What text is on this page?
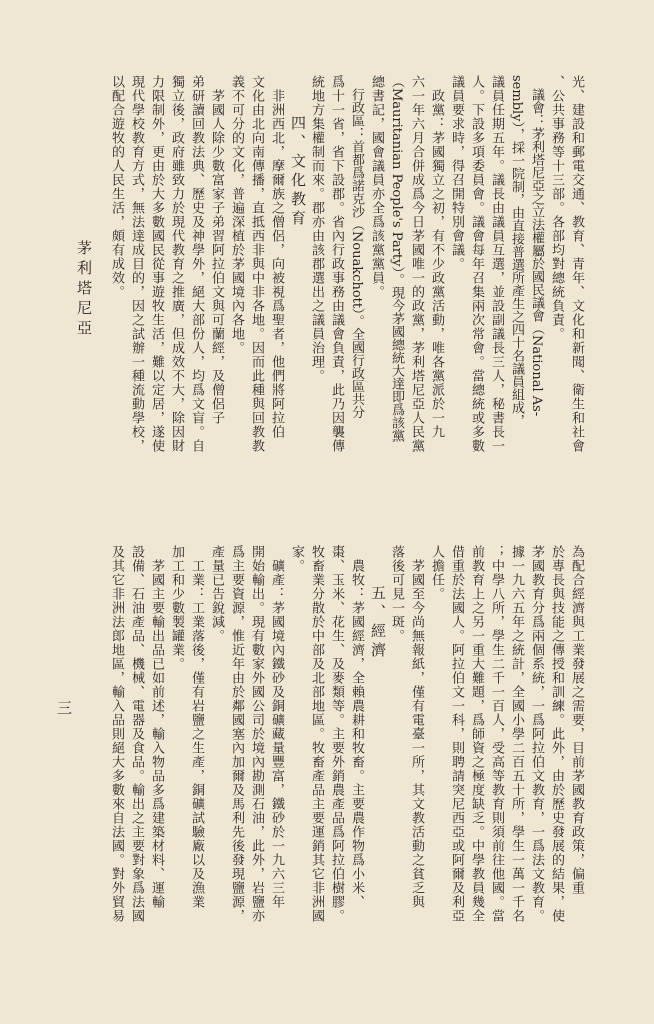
茅利塔尼亞
三
光、建設和郵電交通、教育、青年、文化和新聞、衛生和社會
、公共事務等十三部。各部均對總統負責。
　議會：茅利塔尼亞之立法權屬於國民議會（National As-
sembly），採一院制，由直接普選所產生之四十名議員組成，
議員任期五年。議長由議員互選，並設副議長三人，秘書長一
人。下設多項委員會。議會每年召集兩次常會。當總統或多數
議員要求時，得召開特別會議。
　政黨：茅國獨立之初，有不少政黨活動，唯各黨派於一九
六一年六月合併成爲今日茅國唯一的政黨，茅利塔尼亞人民黨
（Mauritanian People's Party）。現今茅國總統大達即爲該黨
總書記，國會議員亦全爲該黨黨員。
　行政區：首都爲諾克沙（Nouakchott）。全國行政區共分
爲十一省，省下設郡。省內行政事務由議會負責，此乃因襲傳
統地方集權制而來。郡亦由該郡選出之議員治理。
四、文化教育
　非洲西北，摩爾族之僧侶，向被視爲聖者，他們將阿拉伯
文化由北向南傳播，直抵西非與中非各地。因而此種與回教教
義不可分的文化，普遍深植於茅國境內各地。
　茅國人除少數富家子弟習阿拉伯文與可蘭經，及僧侶子
弟研讀回教法典、歷史及神學外，絕大部份人，均爲文盲。自
獨立後，政府雖致力於現代教育之推廣，但成效不大，除因財
力限制外，更由於大多數國民從事遊牧生活，難以定居，遂使
現代學校教育方式，無法達成目的，因之試辦一種流動學校，
以配合遊牧的人民生活，頗有成效。
為配合經濟與工業發展之需要，目前茅國教育政策，偏重
於專長與技能之傳授和訓練。此外，由於歷史發展的結果，使
茅國教育分爲兩個系統，一爲阿拉伯文教育，一爲法文教育。
據一九六五年之統計，全國小學二百五十所，學生一萬一千名
；中學八所，學生二千一百人，受高等教育則須前往他國。當
前教育上之另一重大難題，爲師資之極度缺乏。中學教員幾全
借重於法國人。阿拉伯文一科，則聘請突尼西亞或阿爾及利亞
人擔任。
　茅國至今尚無報紙，僅有電臺一所，其文教活動之貧乏與
落後可見一斑。
五、經濟
　農牧：茅國經濟，全賴農耕和牧畜。主要農作物爲小米、
棗、玉米、花生、及麥類等。主要外銷農產品爲阿拉伯樹膠。
牧畜業分散於中部及北部地區。牧畜產品主要運銷其它非洲國
家。
　礦產：茅國境內鐵砂及銅礦藏量豐富，鐵砂於一九六三年
開始輸出。現有數家外國公司於境內勘測石油，此外，岩鹽亦
爲主要資源，惟近年由於鄰國塞內加爾及馬利先後發現鹽源，
產量已告銳減。
　工業：工業落後，僅有岩鹽之生產，銅礦試驗廠以及漁業
加工和少數製罐業。
　茅國主要輸出品已如前述，輸入物品多爲建築材料、運輸
設備、石油產品、機械、電器及食品。輸出之主要對象爲法國
及其它非洲法郎地區，輸入品則絕大多數來自法國。對外貿易
